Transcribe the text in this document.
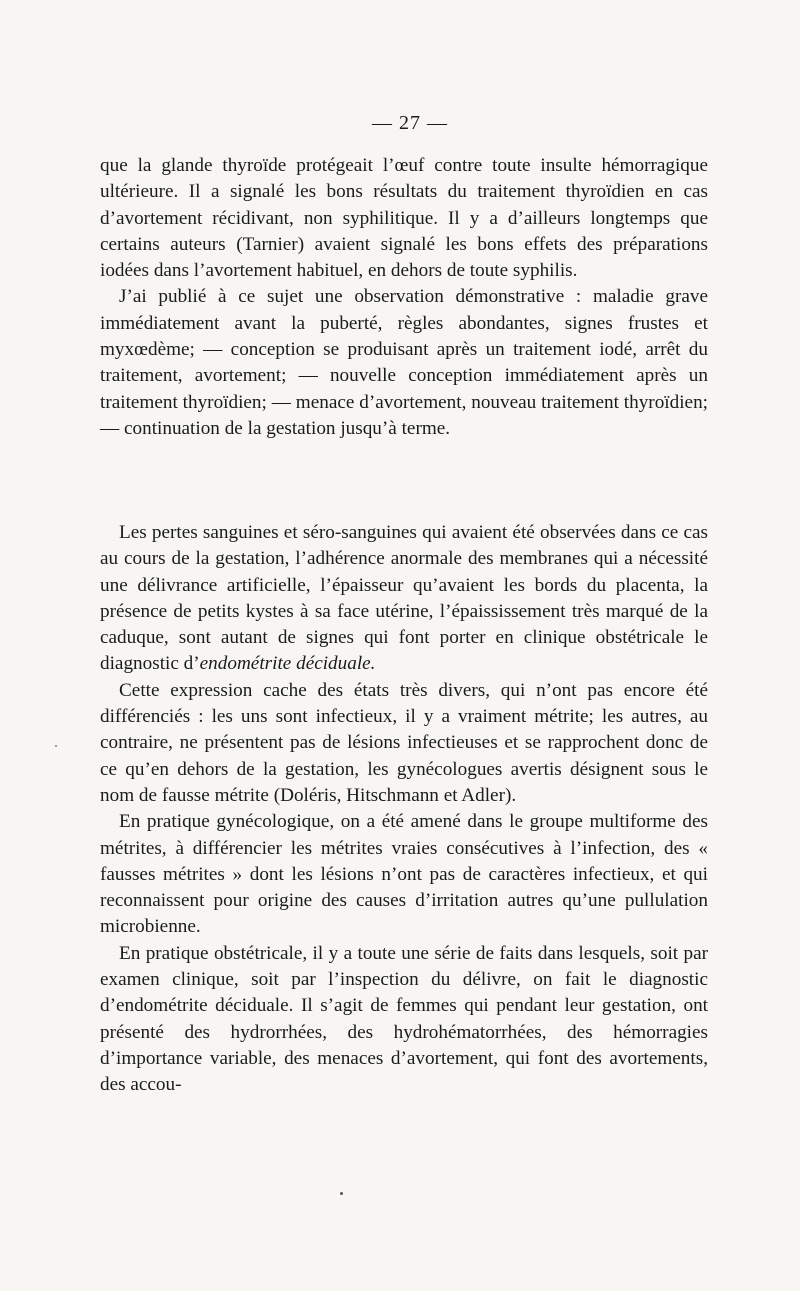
— 27 —

que la glande thyroïde protégeait l’œuf contre toute insulte hémorragique ultérieure. Il a signalé les bons résultats du traitement thyroïdien en cas d’avortement récidivant, non syphilitique. Il y a d’ailleurs longtemps que certains auteurs (Tarnier) avaient signalé les bons effets des préparations iodées dans l’avortement habituel, en dehors de toute syphilis.

J’ai publié à ce sujet une observation démonstrative : maladie grave immédiatement avant la puberté, règles abondantes, signes frustes et myxœdème; — conception se produisant après un traitement iodé, arrêt du traitement, avortement; — nouvelle conception immédiatement après un traitement thyroïdien; — menace d’avortement, nouveau traitement thyroïdien; — continuation de la gestation jusqu’à terme.

Les pertes sanguines et séro-sanguines qui avaient été observées dans ce cas au cours de la gestation, l’adhérence anormale des membranes qui a nécessité une délivrance artificielle, l’épaisseur qu’avaient les bords du placenta, la présence de petits kystes à sa face utérine, l’épaississement très marqué de la caduque, sont autant de signes qui font porter en clinique obstétricale le diagnostic d’endométrite déciduale.

Cette expression cache des états très divers, qui n’ont pas encore été différenciés : les uns sont infectieux, il y a vraiment métrite; les autres, au contraire, ne présentent pas de lésions infectieuses et se rapprochent donc de ce qu’en dehors de la gestation, les gynécologues avertis désignent sous le nom de fausse métrite (Doléris, Hitschmann et Adler).

En pratique gynécologique, on a été amené dans le groupe multiforme des métrites, à différencier les métrites vraies consécutives à l’infection, des « fausses métrites » dont les lésions n’ont pas de caractères infectieux, et qui reconnaissent pour origine des causes d’irritation autres qu’une pullulation microbienne.

En pratique obstétricale, il y a toute une série de faits dans lesquels, soit par examen clinique, soit par l’inspection du délivre, on fait le diagnostic d’endométrite déciduale. Il s’agit de femmes qui pendant leur gestation, ont présenté des hydrorrhées, des hydrohématorrhées, des hémorragies d’importance variable, des menaces d’avortement, qui font des avortements, des accou-
